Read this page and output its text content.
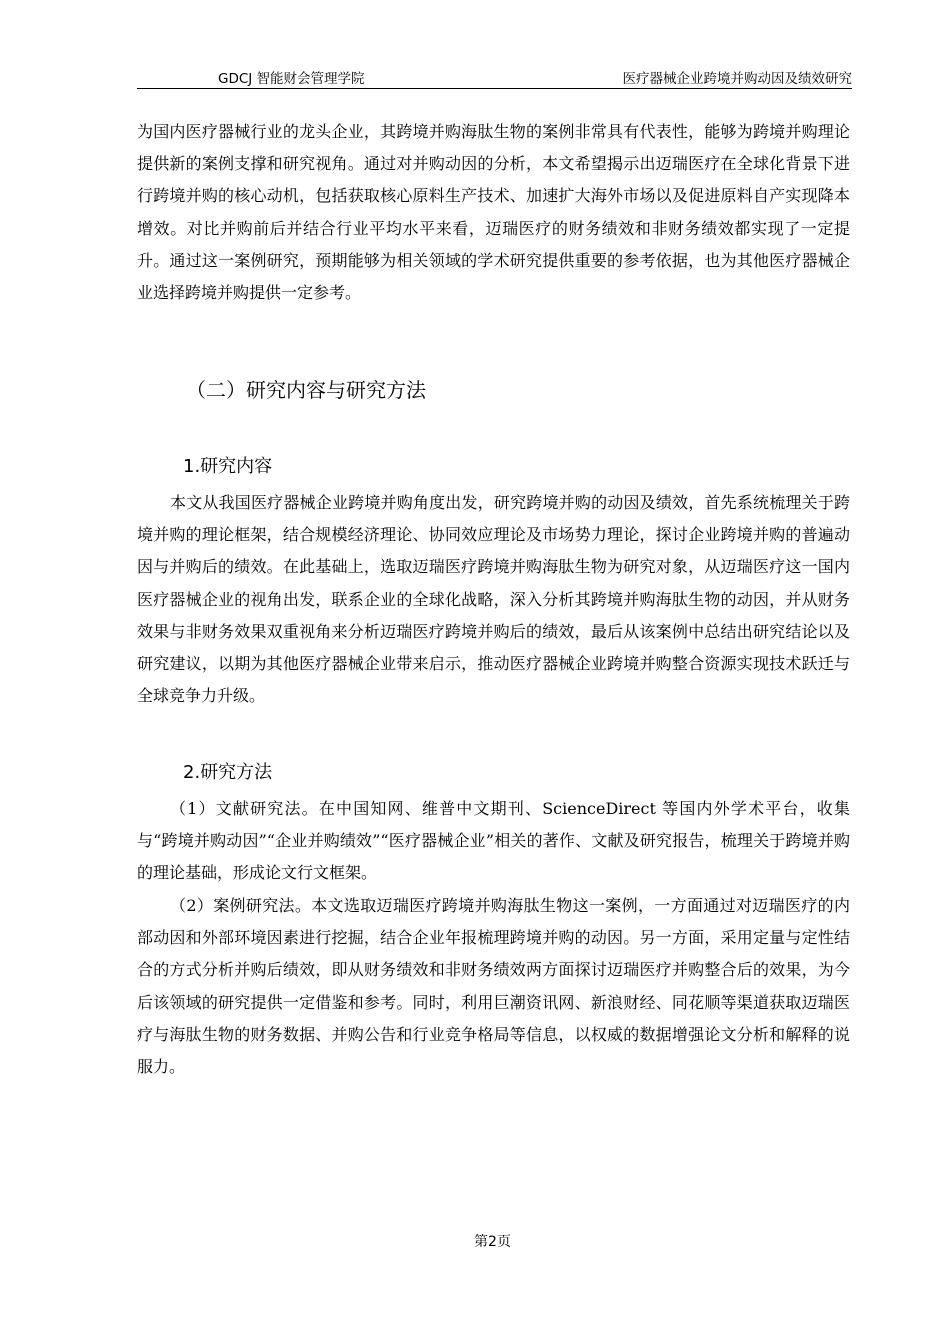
GDCJ 智能财会管理学院	医疗器械企业跨境并购动因及绩效研究

为国内医疗器械行业的龙头企业，其跨境并购海肽生物的案例非常具有代表性，能够为跨境并购理论提供新的案例支撑和研究视角。通过对并购动因的分析，本文希望揭示出迈瑞医疗在全球化背景下进行跨境并购的核心动机，包括获取核心原料生产技术、加速扩大海外市场以及促进原料自产实现降本增效。对比并购前后并结合行业平均水平来看，迈瑞医疗的财务绩效和非财务绩效都实现了一定提升。通过这一案例研究，预期能够为相关领域的学术研究提供重要的参考依据，也为其他医疗器械企业选择跨境并购提供一定参考。

（二）研究内容与研究方法
1.研究内容

本文从我国医疗器械企业跨境并购角度出发，研究跨境并购的动因及绩效，首先系统梳理关于跨境并购的理论框架，结合规模经济理论、协同效应理论及市场势力理论，探讨企业跨境并购的普遍动因与并购后的绩效。在此基础上，选取迈瑞医疗跨境并购海肽生物为研究对象，从迈瑞医疗这一国内医疗器械企业的视角出发，联系企业的全球化战略，深入分析其跨境并购海肽生物的动因，并从财务效果与非财务效果双重视角来分析迈瑞医疗跨境并购后的绩效，最后从该案例中总结出研究结论以及研究建议，以期为其他医疗器械企业带来启示，推动医疗器械企业跨境并购整合资源实现技术跃迁与全球竞争力升级。

2.研究方法

（1）文献研究法。在中国知网、维普中文期刊、ScienceDirect 等国内外学术平台，收集与“跨境并购动因”“企业并购绩效”“医疗器械企业”相关的著作、文献及研究报告，梳理关于跨境并购的理论基础，形成论文行文框架。

（2）案例研究法。本文选取迈瑞医疗跨境并购海肽生物这一案例，一方面通过对迈瑞医疗的内部动因和外部环境因素进行挖掘，结合企业年报梳理跨境并购的动因。另一方面，采用定量与定性结合的方式分析并购后绩效，即从财务绩效和非财务绩效两方面探讨迈瑞医疗并购整合后的效果，为今后该领域的研究提供一定借鉴和参考。同时，利用巨潮资讯网、新浪财经、同花顺等渠道获取迈瑞医疗与海肽生物的财务数据、并购公告和行业竞争格局等信息，以权威的数据增强论文分析和解释的说服力。

第2页
